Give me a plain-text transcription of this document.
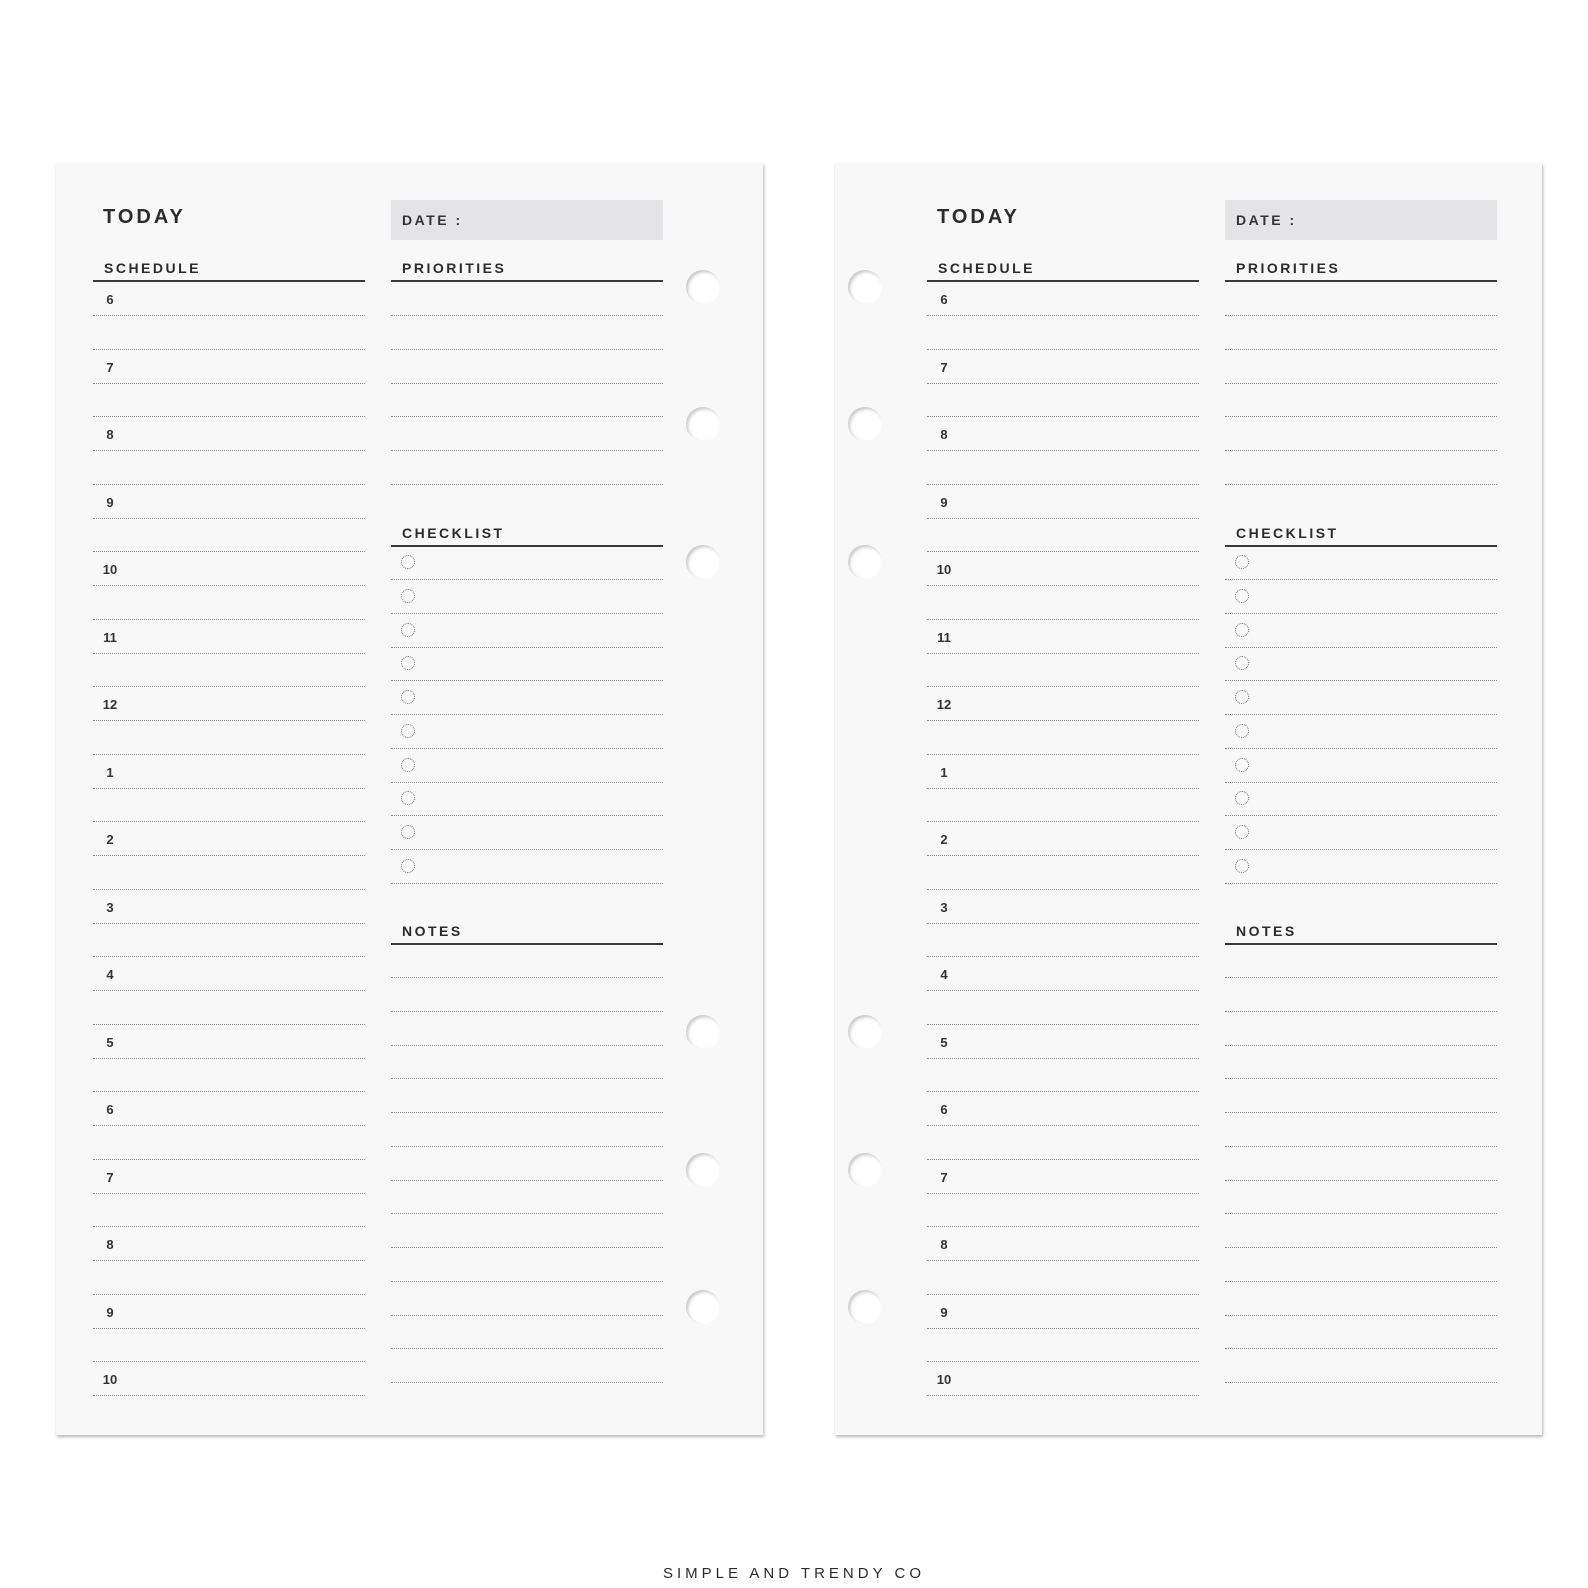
TODAY	DATE :
SCHEDULE
6
7
8
9
10
11
12
1
2
3
4
5
6
7
8
9
10
PRIORITIES
CHECKLIST
NOTES
TODAY	DATE :
SCHEDULE
6
7
8
9
10
11
12
1
2
3
4
5
6
7
8
9
10
PRIORITIES
CHECKLIST
NOTES
SIMPLE AND TRENDY CO
